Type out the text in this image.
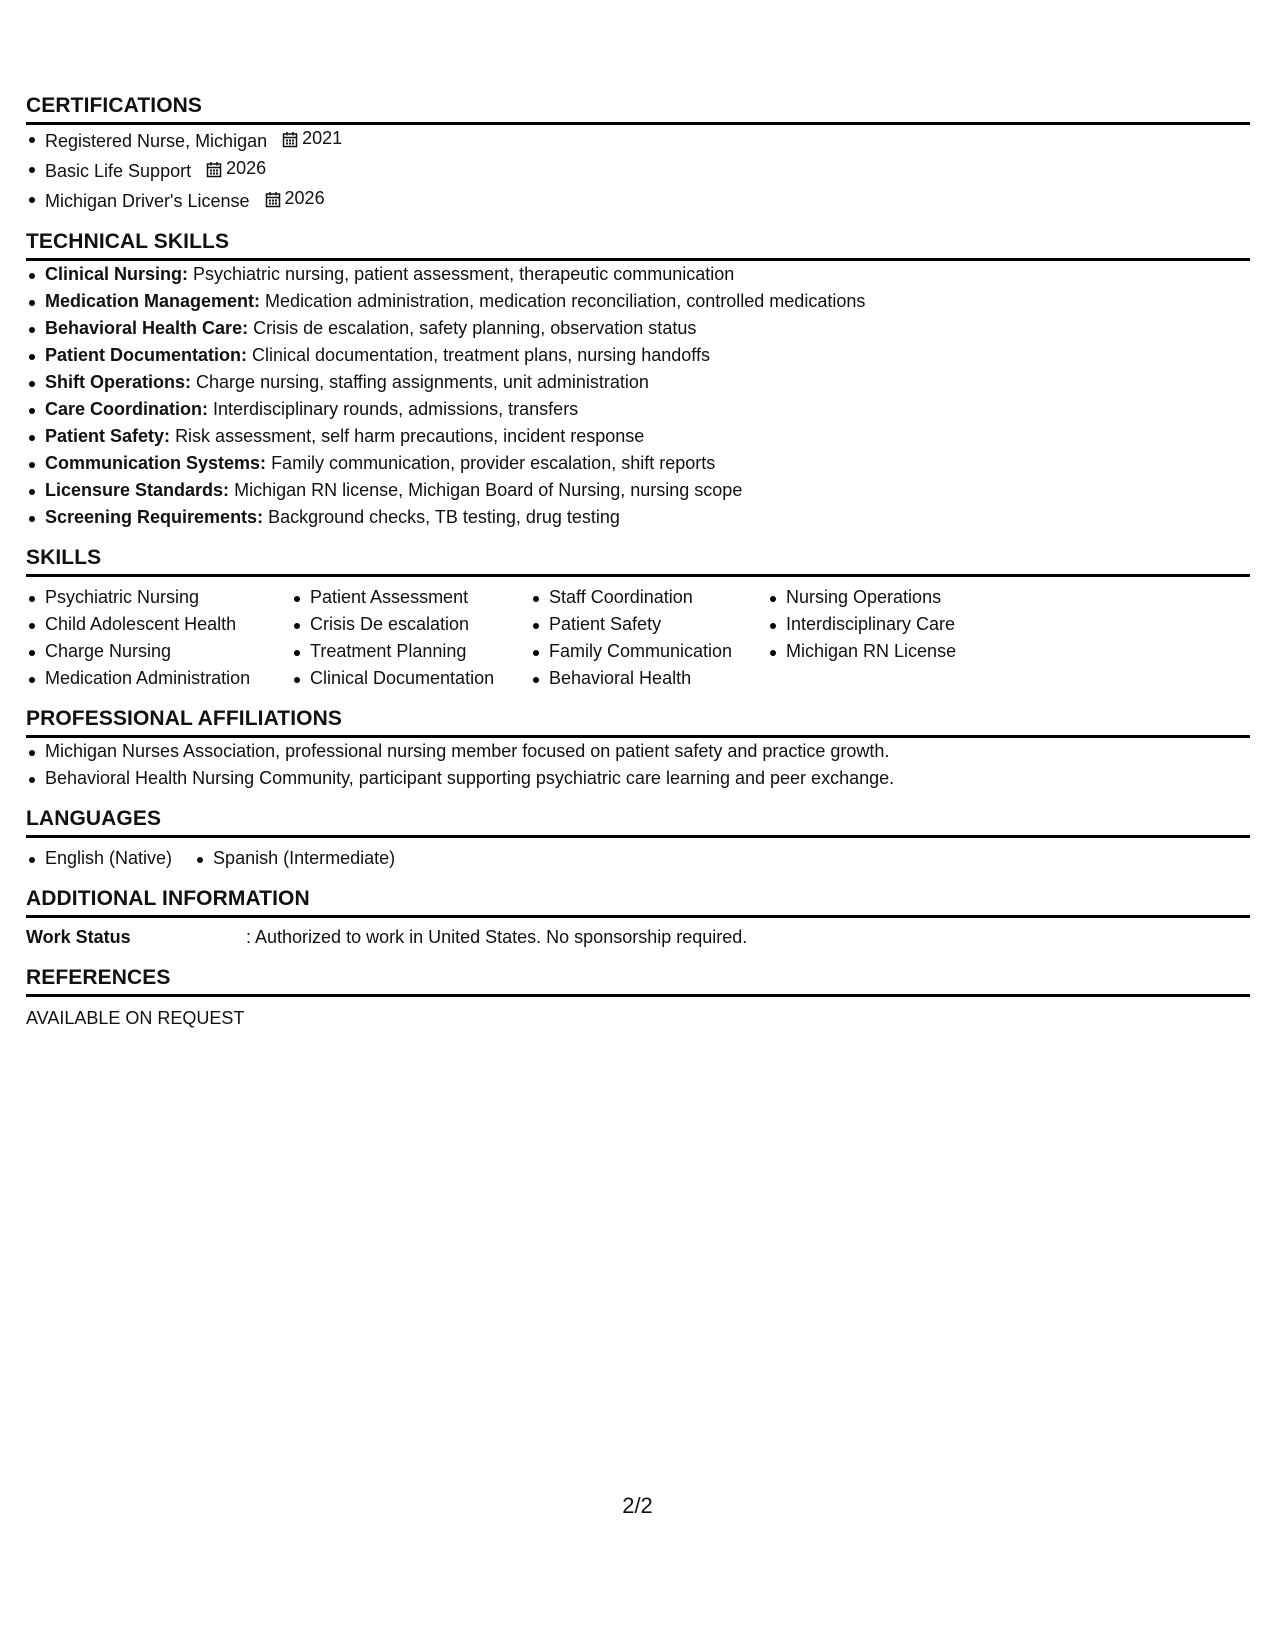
CERTIFICATIONS
Registered Nurse, Michigan 2021
Basic Life Support 2026
Michigan Driver's License 2026
TECHNICAL SKILLS
Clinical Nursing: Psychiatric nursing, patient assessment, therapeutic communication
Medication Management: Medication administration, medication reconciliation, controlled medications
Behavioral Health Care: Crisis de escalation, safety planning, observation status
Patient Documentation: Clinical documentation, treatment plans, nursing handoffs
Shift Operations: Charge nursing, staffing assignments, unit administration
Care Coordination: Interdisciplinary rounds, admissions, transfers
Patient Safety: Risk assessment, self harm precautions, incident response
Communication Systems: Family communication, provider escalation, shift reports
Licensure Standards: Michigan RN license, Michigan Board of Nursing, nursing scope
Screening Requirements: Background checks, TB testing, drug testing
SKILLS
Psychiatric Nursing
Child Adolescent Health
Charge Nursing
Medication Administration
Patient Assessment
Crisis De escalation
Treatment Planning
Clinical Documentation
Staff Coordination
Patient Safety
Family Communication
Behavioral Health
Nursing Operations
Interdisciplinary Care
Michigan RN License
PROFESSIONAL AFFILIATIONS
Michigan Nurses Association, professional nursing member focused on patient safety and practice growth.
Behavioral Health Nursing Community, participant supporting psychiatric care learning and peer exchange.
LANGUAGES
English (Native)	Spanish (Intermediate)
ADDITIONAL INFORMATION
Work Status	: Authorized to work in United States. No sponsorship required.
REFERENCES
AVAILABLE ON REQUEST
2/2
